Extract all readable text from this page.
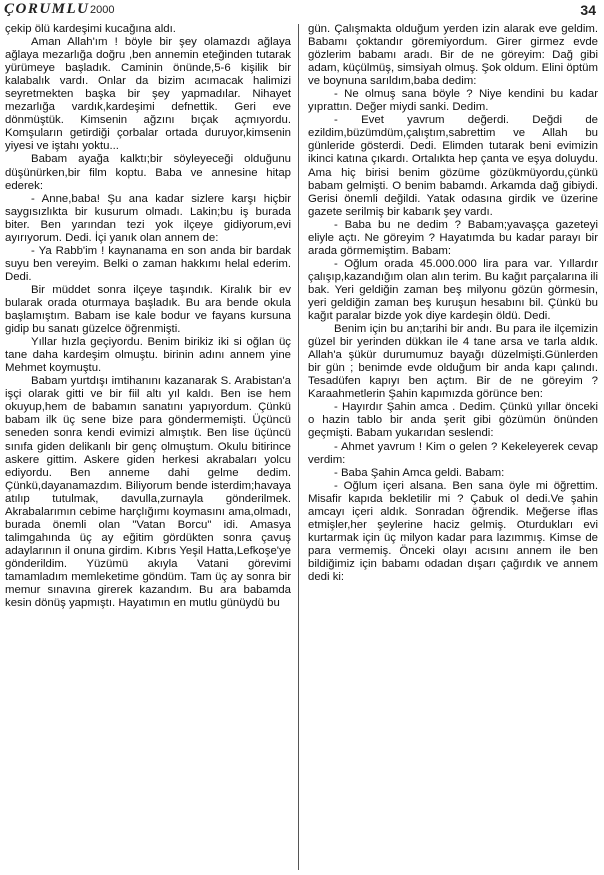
ÇORUMLU 2000	34

çekip ölü kardeşimi kucağına aldı.

Aman Allah'ım ! böyle bir şey olamazdı ağlaya ağlaya mezarlığa doğru ,ben annemin eteğinden tutarak yürümeye başladık. Caminin önünde,5-6 kişilik bir kalabalık vardı. Onlar da bizim acımacak halimizi seyretmekten başka bir şey yapmadılar. Nihayet mezarlığa vardık,kardeşimi defnettik. Geri eve dönmüştük. Kimsenin ağzını bıçak açmıyordu. Komşuların getirdiği çorbalar ortada duruyor,kimsenin yiyesi ve iştahı yoktu...

Babam ayağa kalktı;bir söyleyeceği olduğunu düşünürken,bir film koptu. Baba ve annesine hitap ederek:

- Anne,baba! Şu ana kadar sizlere karşı hiçbir saygısızlıkta bir kusurum olmadı. Lakin;bu iş burada biter. Ben yarından tezi yok ilçeye gidiyorum,evi ayırıyorum. Dedi. İçi yanık olan annem de:

- Ya Rabb'im ! kaynanama en son anda bir bardak suyu ben vereyim. Belki o zaman hakkımı helal ederim. Dedi.

Bir müddet sonra ilçeye taşındık. Kiralık bir ev bularak orada oturmaya başladık. Bu ara bende okula başlamıştım. Babam ise kale bodur ve fayans kursuna gidip bu sanatı güzelce öğrenmişti.

Yıllar hızla geçiyordu. Benim birikiz iki si oğlan üç tane daha kardeşim olmuştu. birinin adını annem yine Mehmet koymuştu.

Babam yurtdışı imtihanını kazanarak S. Arabistan'a işçi olarak gitti ve bir fiil altı yıl kaldı. Ben ise hem okuyup,hem de babamın sanatını yapıyordum. Çünkü babam ilk üç sene bize para göndermemişti. Üçüncü seneden sonra kendi evimizi almıştık. Ben lise üçüncü sınıfa giden delikanlı bir genç olmuştum. Okulu bitirince askere gittim. Askere giden herkesi akrabaları yolcu ediyordu. Ben anneme dahi gelme dedim. Çünkü,dayanamazdım. Biliyorum bende isterdim;havaya atılıp tutulmak, davulla,zurnayla gönderilmek. Akrabalarımın cebime harçlığımı koymasını ama,olmadı, burada önemli olan "Vatan Borcu" idi. Amasya talimgahında üç ay eğitim gördükten sonra çavuş adaylarının il onuna girdim. Kıbrıs Yeşil Hatta,Lefkoşe'ye gönderildim. Yüzümü akıyla Vatani görevimi tamamladım memleketime göndüm. Tam üç ay sonra bir memur sınavına girerek kazandım. Bu ara babamda kesin dönüş yapmıştı. Hayatımın en mutlu günüydü bu

gün. Çalışmakta olduğum yerden izin alarak eve geldim. Babamı çoktandır göremiyordum. Girer girmez evde gözlerim babamı aradı. Bir de ne göreyim: Dağ gibi adam, küçülmüş, simsiyah olmuş. Şok oldum. Elini öptüm ve boynuna sarıldım,baba dedim:

- Ne olmuş sana böyle ? Niye kendini bu kadar yıprattın. Değer miydi sanki. Dedim.

- Evet yavrum değerdi. Değdi de ezildim,büzümdüm,çalıştım,sabrettim ve Allah bu günleride gösterdi. Dedi. Elimden tutarak beni evimizin ikinci katına çıkardı. Ortalıkta hep çanta ve eşya doluydu. Ama hiç birisi benim gözüme gözükmüyordu,çünkü babam gelmişti. O benim babamdı. Arkamda dağ gibiydi. Gerisi önemli değildi. Yatak odasına girdik ve üzerine gazete serilmiş bir kabarık şey vardı.

- Baba bu ne dedim ? Babam;yavaşça gazeteyi eliyle açtı. Ne göreyim ? Hayatımda bu kadar parayı bir arada görmemiştim. Babam:

- Oğlum orada 45.000.000 lira para var. Yıllardır çalışıp,kazandığım olan alın terim. Bu kağıt parçalarına ili bak. Yeri geldiğin zaman beş milyonu gözün görmesin, yeri geldiğin zaman beş kuruşun hesabını bil. Çünkü bu kağıt paralar bizde yok diye kardeşin öldü. Dedi.

Benim için bu an;tarihi bir andı. Bu para ile ilçemizin güzel bir yerinden dükkan ile 4 tane arsa ve tarla aldık. Allah'a şükür durumumuz bayağı düzelmişti.Günlerden bir gün ; benimde evde olduğum bir anda kapı çalındı. Tesadüfen kapıyı ben açtım. Bir de ne göreyim ? Karaahmetlerin Şahin kapımızda görünce ben:

- Hayırdır Şahin amca . Dedim. Çünkü yıllar önceki o hazin tablo bir anda şerit gibi gözümün önünden geçmişti. Babam yukarıdan seslendi:

- Ahmet yavrum ! Kim o gelen ? Kekeleyerek cevap verdim:

- Baba Şahin Amca geldi. Babam:

- Oğlum içeri alsana. Ben sana öyle mi öğrettim. Misafir kapıda bekletilir mi ? Çabuk ol dedi.Ve şahin amcayı içeri aldık. Sonradan öğrendik. Meğerse iflas etmişler,her şeylerine haciz gelmiş. Oturdukları evi kurtarmak için üç milyon kadar para lazımmış. Kimse de para vermemiş. Önceki olayı acısını annem ile ben bildiğimiz için babamı odadan dışarı çağırdık ve annem dedi ki:
